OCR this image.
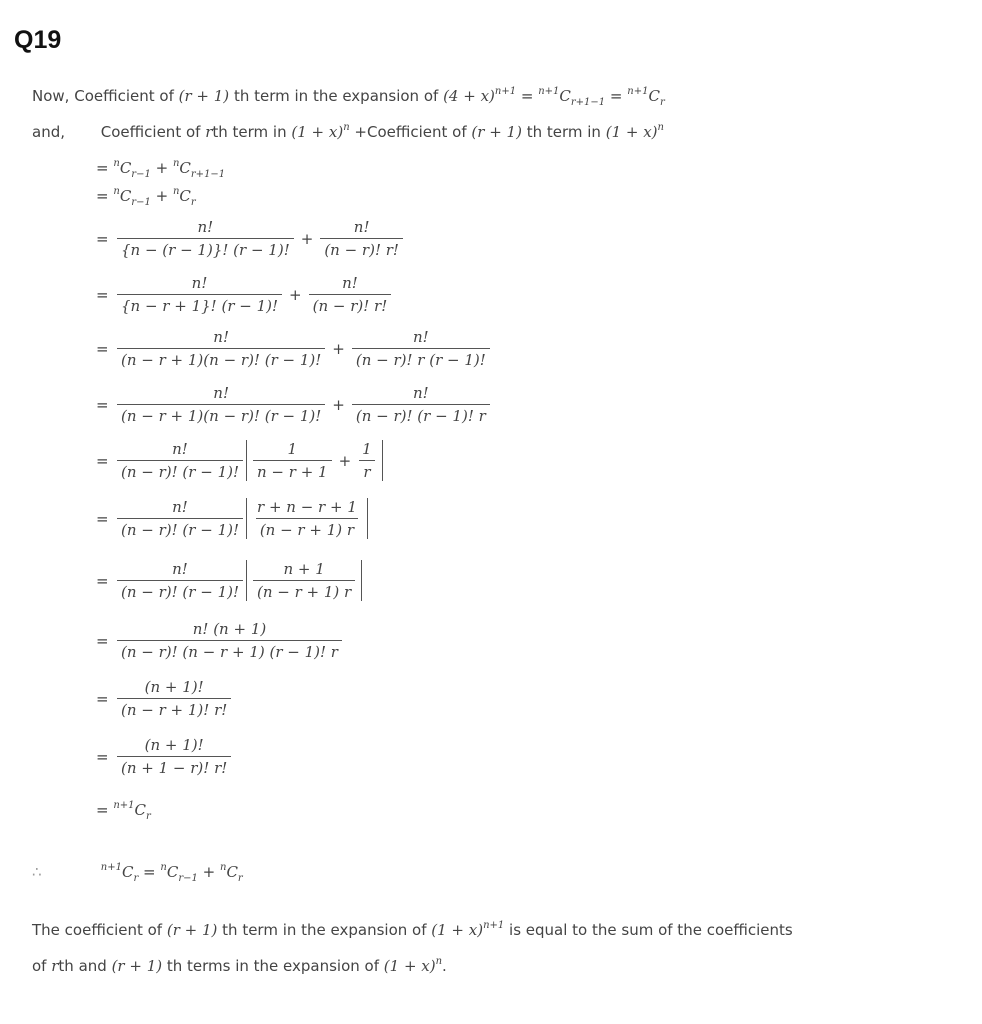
Q19
Now, Coefficient of (r + 1) th term in the expansion of $(4 + x)^{n+1} = ^{n+1}C_{r+1-1} = ^{n+1}C_r$
and, Coefficient of rth term in $(1 + x)^n$ +Coefficient of (r + 1) th term in $(1 + x)^n$
= $^nC_{r-1} + ^nC_{r+1-1}$
= $^nC_{r-1} + ^nC_r$
= $\frac{n!}{\{n - (r - 1)\}! (r - 1)!} + \frac{n!}{(n - r)! r!}$
= $\frac{n!}{\{n - r + 1\}! (r - 1)!} + \frac{n!}{(n - r)! r!}$
= $\frac{n!}{(n - r + 1)(n - r)! (r - 1)!} + \frac{n!}{(n - r)! r (r - 1)!}$
= $\frac{n!}{(n - r + 1)(n - r)! (r - 1)!} + \frac{n!}{(n - r)! (r - 1)! r}$
= $\frac{n!}{(n - r)! (r - 1)!} \frac{1}{n - r + 1} + \frac{1}{r}$
= $\frac{n!}{(n - r)! (r - 1)!} \frac{r + n - r + 1}{(n - r + 1) r}$
= $\frac{n!}{(n - r)! (r - 1)!} \frac{n + 1}{(n - r + 1) r}$
= $\frac{n! (n + 1)}{(n - r)! (n - r + 1) (r - 1)! r}$
= $\frac{(n + 1)!}{(n - r + 1)! r!}$
= $\frac{(n + 1)!}{(n + 1 - r)! r!}$
= $^{n+1}C_r$
∴	$^{n+1}C_r = ^nC_{r-1} + ^nC_r$
The coefficient of (r + 1) th term in the expansion of $(1 + x)^{n+1}$ is equal to the sum of the coefficients
of rth and (r + 1) th terms in the expansion of $(1 + x)^n$.
